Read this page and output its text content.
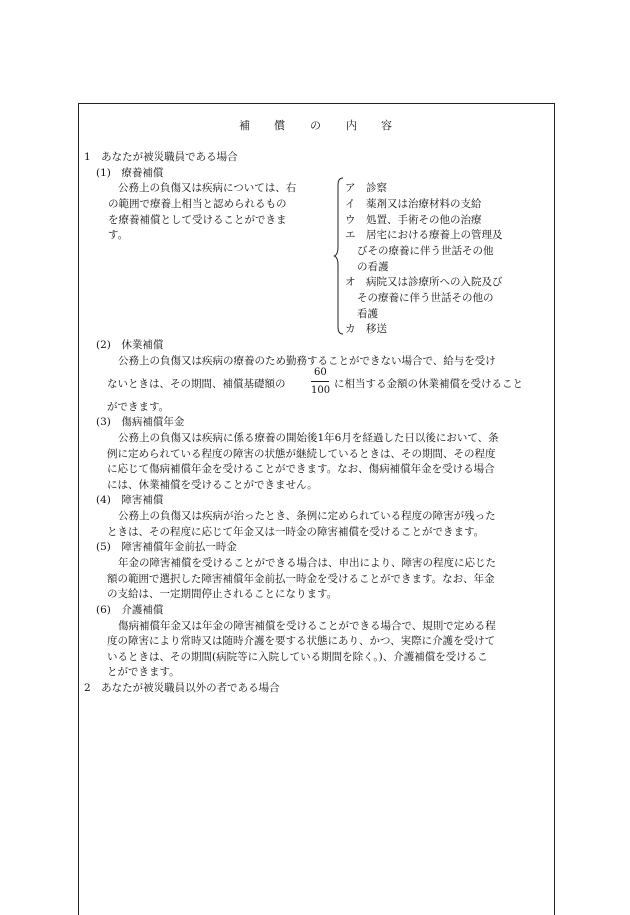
補 償 の 内 容
1　あなたが被災職員である場合
(1)　療養補償
公務上の負傷又は疾病については、右
の範囲で療養上相当と認められるもの
を療養補償として受けることができま
す。
ア　診察
イ　薬剤又は治療材料の支給
ウ　処置、手術その他の治療
エ　居宅における療養上の管理及
びその療養に伴う世話その他
の看護
オ　病院又は診療所への入院及び
その療養に伴う世話その他の
看護
カ　移送
(2)　休業補償
公務上の負傷又は疾病の療養のため勤務することができない場合で、給与を受け
ないときは、その期間、補償基礎額の
60
100
に相当する金額の休業補償を受けること
ができます。
(3)　傷病補償年金
公務上の負傷又は疾病に係る療養の開始後1年6月を経過した日以後において、条
例に定められている程度の障害の状態が継続しているときは、その期間、その程度
に応じて傷病補償年金を受けることができます。なお、傷病補償年金を受ける場合
には、休業補償を受けることができません。
(4)　障害補償
公務上の負傷又は疾病が治ったとき、条例に定められている程度の障害が残った
ときは、その程度に応じて年金又は一時金の障害補償を受けることができます。
(5)　障害補償年金前払一時金
年金の障害補償を受けることができる場合は、申出により、障害の程度に応じた
額の範囲で選択した障害補償年金前払一時金を受けることができます。なお、年金
の支給は、一定期間停止されることになります。
(6)　介護補償
傷病補償年金又は年金の障害補償を受けることができる場合で、規則で定める程
度の障害により常時又は随時介護を要する状態にあり、かつ、実際に介護を受けて
いるときは、その期間(病院等に入院している期間を除く。)、介護補償を受けるこ
とができます。
2　あなたが被災職員以外の者である場合
